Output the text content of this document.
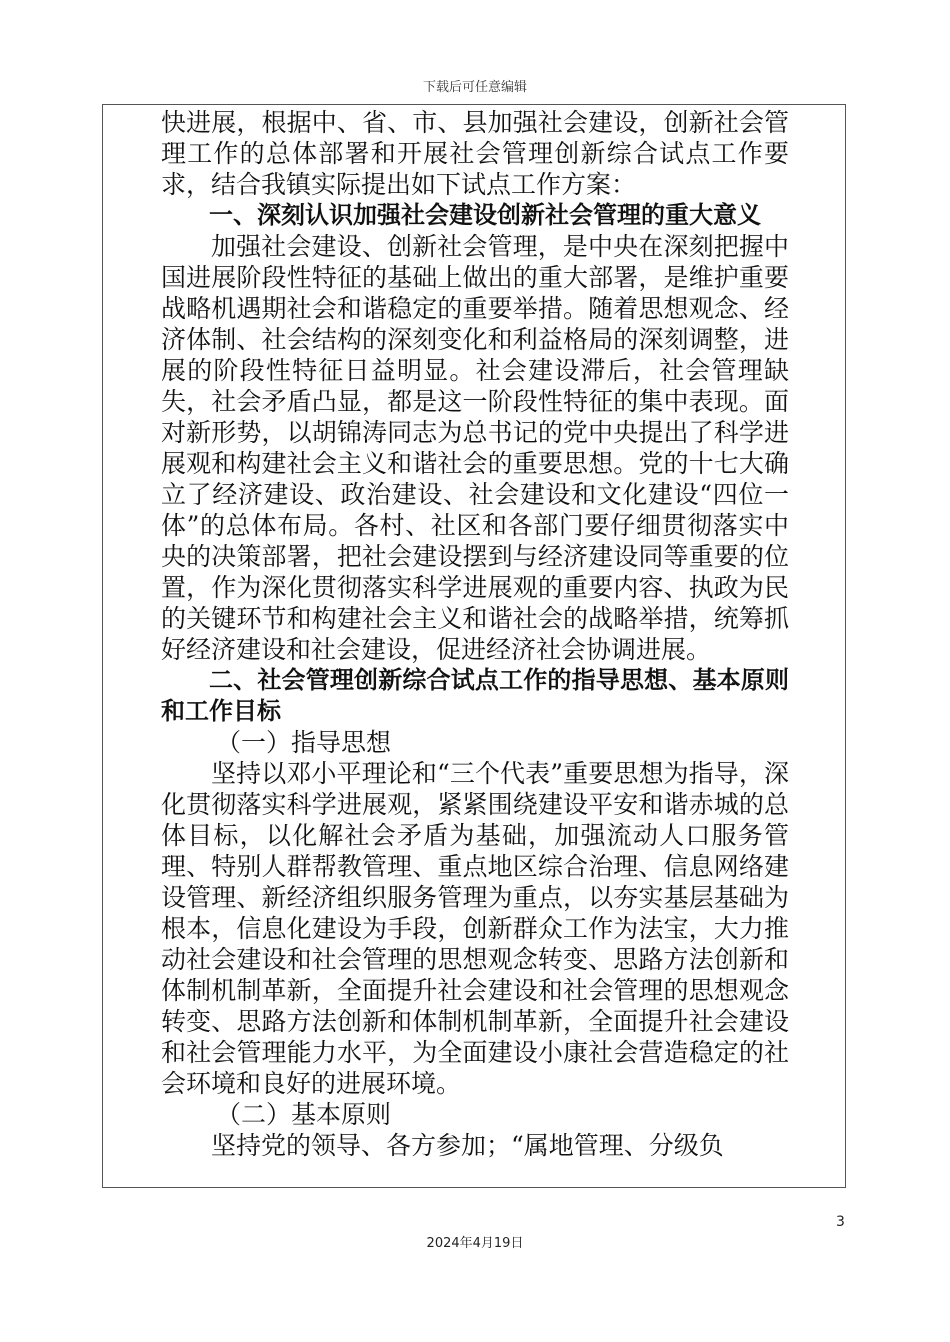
下载后可任意编辑

快进展，根据中、省、市、县加强社会建设，创新社会管理工作的总体部署和开展社会管理创新综合试点工作要求，结合我镇实际提出如下试点工作方案：

一、深刻认识加强社会建设创新社会管理的重大意义

加强社会建设、创新社会管理，是中央在深刻把握中国进展阶段性特征的基础上做出的重大部署，是维护重要战略机遇期社会和谐稳定的重要举措。随着思想观念、经济体制、社会结构的深刻变化和利益格局的深刻调整，进展的阶段性特征日益明显。社会建设滞后，社会管理缺失，社会矛盾凸显，都是这一阶段性特征的集中表现。面对新形势，以胡锦涛同志为总书记的党中央提出了科学进展观和构建社会主义和谐社会的重要思想。党的十七大确立了经济建设、政治建设、社会建设和文化建设“四位一体”的总体布局。各村、社区和各部门要仔细贯彻落实中央的决策部署，把社会建设摆到与经济建设同等重要的位置，作为深化贯彻落实科学进展观的重要内容、执政为民的关键环节和构建社会主义和谐社会的战略举措，统筹抓好经济建设和社会建设，促进经济社会协调进展。

二、社会管理创新综合试点工作的指导思想、基本原则和工作目标

（一）指导思想

坚持以邓小平理论和“三个代表”重要思想为指导，深化贯彻落实科学进展观，紧紧围绕建设平安和谐赤城的总体目标，以化解社会矛盾为基础，加强流动人口服务管理、特别人群帮教管理、重点地区综合治理、信息网络建设管理、新经济组织服务管理为重点，以夯实基层基础为根本，信息化建设为手段，创新群众工作为法宝，大力推动社会建设和社会管理的思想观念转变、思路方法创新和体制机制革新，全面提升社会建设和社会管理的思想观念转变、思路方法创新和体制机制革新，全面提升社会建设和社会管理能力水平，为全面建设小康社会营造稳定的社会环境和良好的进展环境。

（二）基本原则

坚持党的领导、各方参加；“属地管理、分级负

3
2024年4月19日
